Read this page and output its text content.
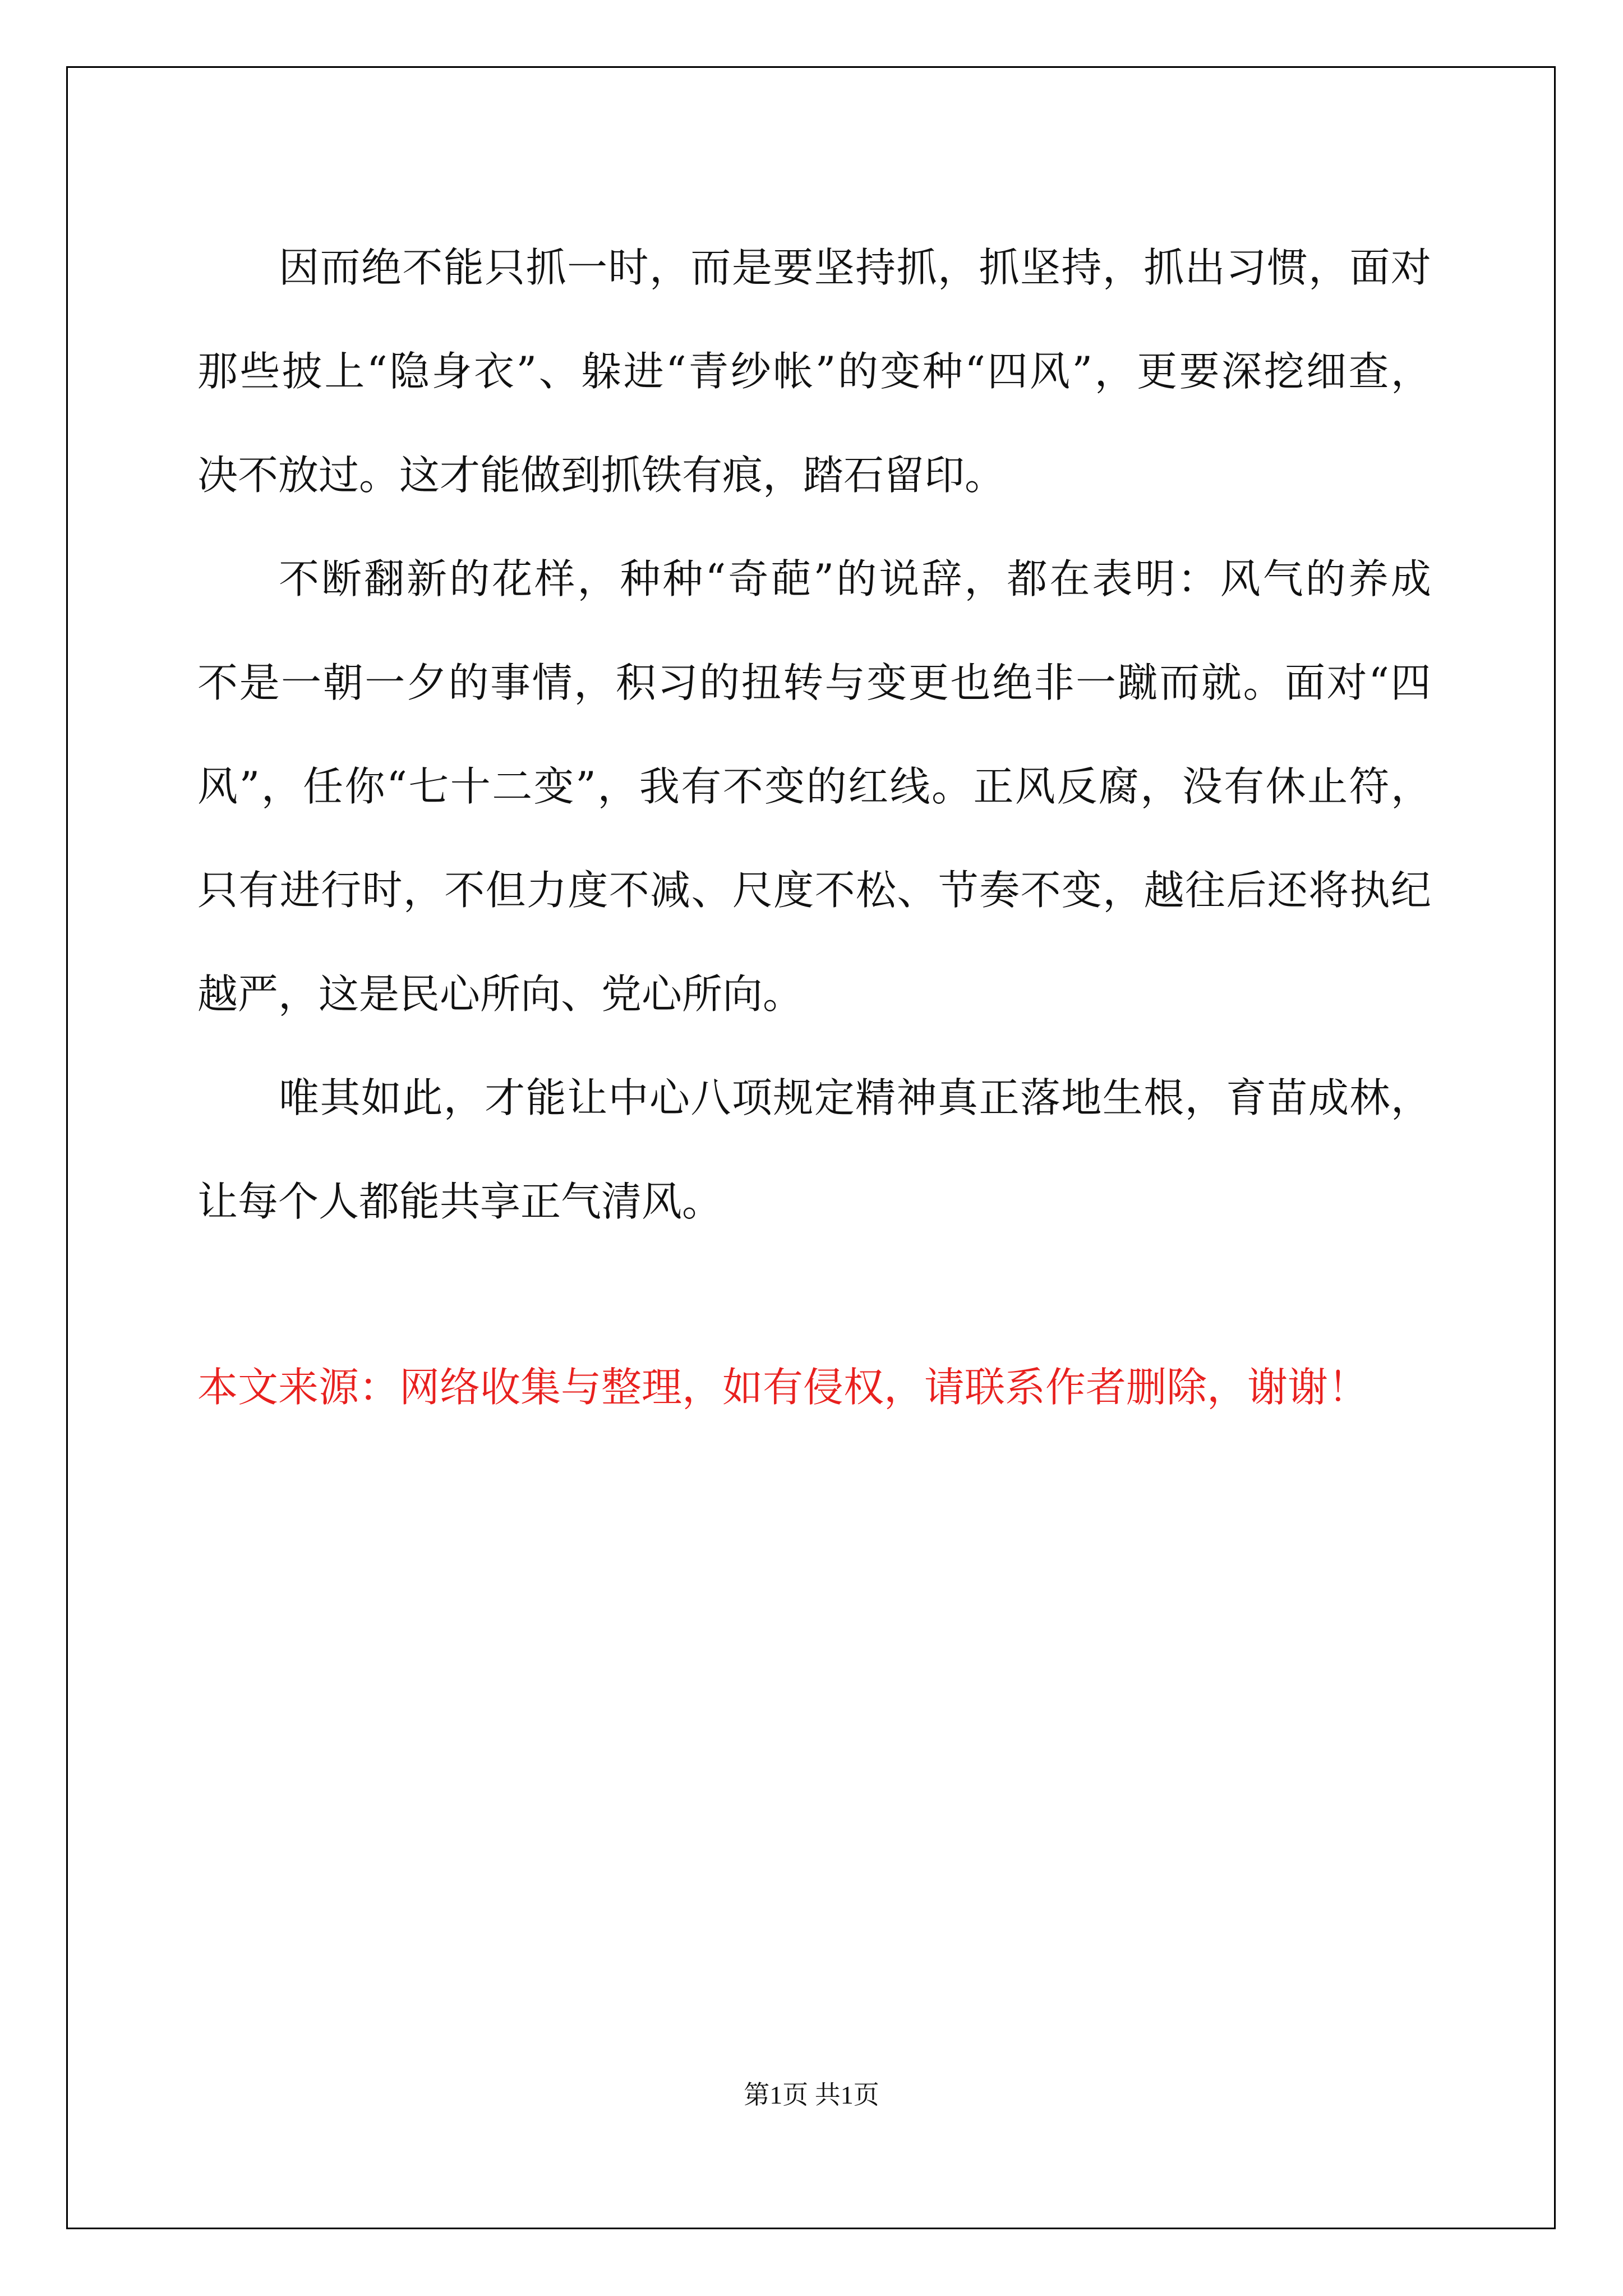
因 而 绝 不 能 只 抓 一 时 ， 而 是 要 坚 持 抓 ， 抓 坚 持 ， 抓 出 习 惯 ， 面 对
那 些 披 上 “ 隐 身 衣 ” 、 躲 进 “ 青 纱 帐 ” 的 变 种 “ 四 风 ” ， 更 要 深 挖 细 查 ，
决不放过。这才能做到抓铁有痕，踏石留印。
不 断 翻 新 的 花 样 ， 种 种 “ 奇 葩 ” 的 说 辞 ， 都 在 表 明 ： 风 气 的 养 成
不 是 一 朝 一 夕 的 事 情 ， 积 习 的 扭 转 与 变 更 也 绝 非 一 蹴 而 就 。 面 对 “ 四
风 ” ， 任 你 “ 七 十 二 变 ” ， 我 有 不 变 的 红 线 。 正 风 反 腐 ， 没 有 休 止 符 ，
只 有 进 行 时 ， 不 但 力 度 不 减 、 尺 度 不 松 、 节 奏 不 变 ， 越 往 后 还 将 执 纪
越严，这是民心所向、党心所向。
唯 其 如 此 ， 才 能 让 中 心 八 项 规 定 精 神 真 正 落 地 生 根 ， 育 苗 成 林 ，
让每个人都能共享正气清风。
本文来源：网络收集与整理，如有侵权，请联系作者删除，谢谢！
第1页 共1页
